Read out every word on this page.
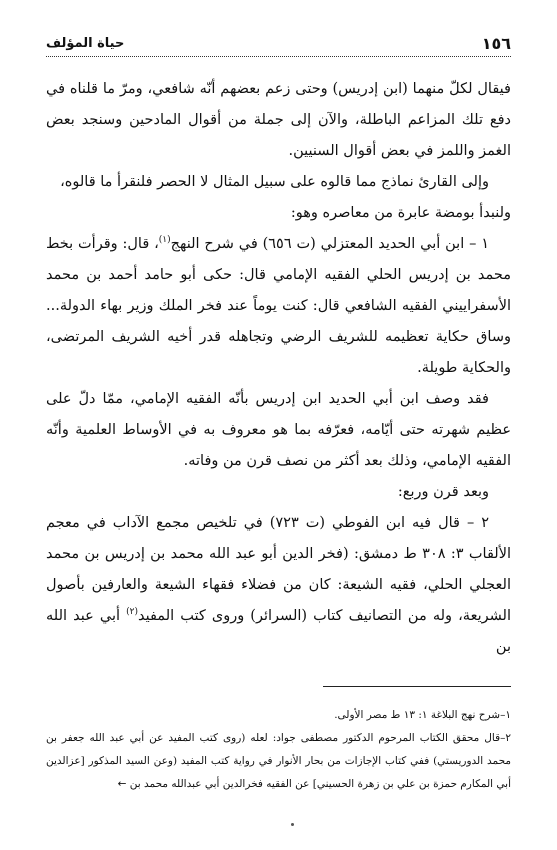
١٥٦
حياة المؤلف

فيقال لكلّ منهما (ابن إدريس) وحتى زعم بعضهم أنّه شافعي، ومرّ ما قلناه في دفع تلك المزاعم الباطلة، والآن إلى جملة من أقوال المادحين وسنجد بعض الغمز واللمز في بعض أقوال السنيين.

وإلى القارئ نماذج مما قالوه على سبيل المثال لا الحصر فلنقرأ ما قالوه،
ولنبدأ بومضة عابرة من معاصره وهو:

١ – ابن أبي الحديد المعتزلي (ت ٦٥٦) في شرح النهج$^{(١)}$، قال: وقرأت بخط محمد بن إدريس الحلي الفقيه الإمامي قال: حكى أبو حامد أحمد بن محمد الأسفراييني الفقيه الشافعي قال: كنت يوماً عند فخر الملك وزير بهاء الدولة... وساق حكاية تعظيمه للشريف الرضي وتجاهله قدر أخيه الشريف المرتضى، والحكاية طويلة.

فقد وصف ابن أبي الحديد ابن إدريس بأنّه الفقيه الإمامي، ممّا دلّ على عظيم شهرته حتى أيّامه، فعرّفه بما هو معروف به في الأوساط العلمية وأنّه الفقيه الإمامي، وذلك بعد أكثر من نصف قرن من وفاته.

وبعد قرن وربع:

٢ – قال فيه ابن الفوطي (ت ٧٢٣) في تلخيص مجمع الآداب في معجم الألقاب ٣: ٣٠٨ ط دمشق: (فخر الدين أبو عبد الله محمد بن إدريس بن محمد العجلي الحلي، فقيه الشيعة: كان من فضلاء فقهاء الشيعة والعارفين بأصول الشريعة، وله من التصانيف كتاب (السرائر) وروى كتب المفيد$^{(٢)}$ أبي عبد الله بن

١–شرح نهج البلاغة ١: ١٣ ط مصر الأولى.

٢–قال محقق الكتاب المرحوم الدكتور مصطفى جواد: لعله (روى كتب المفيد عن أبي عبد الله جعفر بن محمد الدوريستي) ففي كتاب الإجازات من بحار الأنوار في رواية كتب المفيد (وعن السيد المذكور [عزالدين أبي المكارم حمزة بن علي بن زهرة الحسيني] عن الفقيه فخرالدين أبي عبدالله محمد بن ←
